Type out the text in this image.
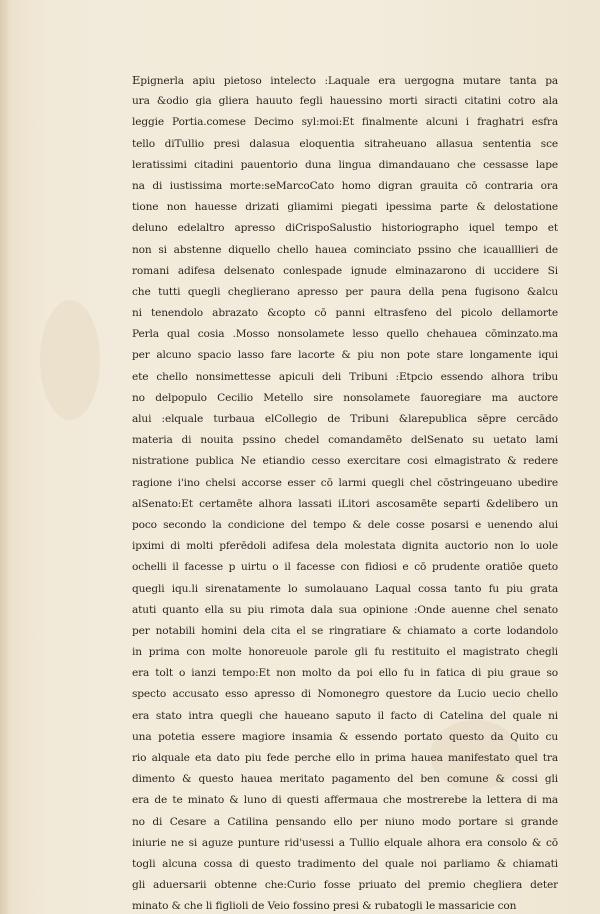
Epignerla apiu pietoso intelecto :Laquale era uergogna mutare tanta pa
ura &odio gia gliera hauuto fegli hauessino morti siracti citatini cotro ala
leggie Portia.comese Decimo syl:moi:Et finalmente alcuni i fraghatri esfra
tello diTullio presi dalasua eloquentia sitraheuano allasua sententia sce
leratissimi citadini pauentorio duna lingua dimandauano che cessasse lape
na di iustissima morte:seMarcoCato homo digran grauita cō contraria ora
tione non hauesse drizati gliamimi piegati ipessima parte & delostatione
deluno edelaltro apresso diCrispoSalustio historiographo iquel tempo et
non si abstenne diquello chello hauea cominciato pssino che icaualllieri de
romani adifesa delsenato conlespade ignude elminazarono di uccidere Si
che tutti quegli cheglierano apresso per paura della pena fugisono &alcu
ni tenendolo abrazato &copto cō panni eltrasfeno del picolo dellamorte
Perla qual cosia .Mosso nonsolamete lesso quello chehauea cōminzato.ma
per alcuno spacio lasso fare lacorte & piu non pote stare longamente iqui
ete chello nonsimettesse apiculi deli Tribuni :Etpcio essendo alhora tribu
no delpopulo Cecilio Metello sire nonsolamete fauoregiare ma auctore
alui :elquale turbaua elCollegio de Tribuni &larepublica sēpre cercādo
materia di nouita pssino chedel comandamēto delSenato su uetato lami
nistratione publica Ne etiandio cesso exercitare cosi elmagistrato & redere
ragione i'ino chelsi accorse esser cō larmi quegli chel cōstringeuano ubedire
alSenato:Et certamēte alhora lassati iLitori ascosamēte separti &delibero un
poco secondo la condicione del tempo & dele cosse posarsi e uenendo alui
ipximi di molti pferēdoli adifesa dela molestata dignita auctorio non lo uole
ochelli il facesse p uirtu o il facesse con fidiosi e cō prudente oratiōe queto
quegli iqu.li sirenatamente lo sumolauano Laqual cossa tanto fu piu grata
atuti quanto ella su piu rimota dala sua opinione :Onde auenne chel senato
per notabili homini dela cita el se ringratiare & chiamato a corte lodandolo
in prima con molte honoreuole parole gli fu restituito el magistrato chegli
era tolt o ianzi tempo:Et non molto da poi ello fu in fatica di piu graue so
specto accusato esso apresso di Nomonegro questore da Lucio uecio chello
era stato intra quegli che haueano saputo il facto di Catelina del quale ni
una potetia essere magiore insamia & essendo portato questo da Quito cu
rio alquale eta dato piu fede perche ello in prima hauea manifestato quel tra
dimento & questo hauea meritato pagamento del ben comune & cossi gli
era de te minato & luno di questi affermaua che mostrerebe la lettera di ma
no di Cesare a Catilina pensando ello per niuno modo portare si grande
iniurie ne si aguze punture rid'usessi a Tullio elquale alhora era consolo & cō
togli alcuna cossa di questo tradimento del quale noi parliamo & chiamati
gli aduersarii obtenne che:Curio fosse priuato del premio chegliera deter
minato & che li figlioli de Veio fossino presi & rubatogli le massaricie con
